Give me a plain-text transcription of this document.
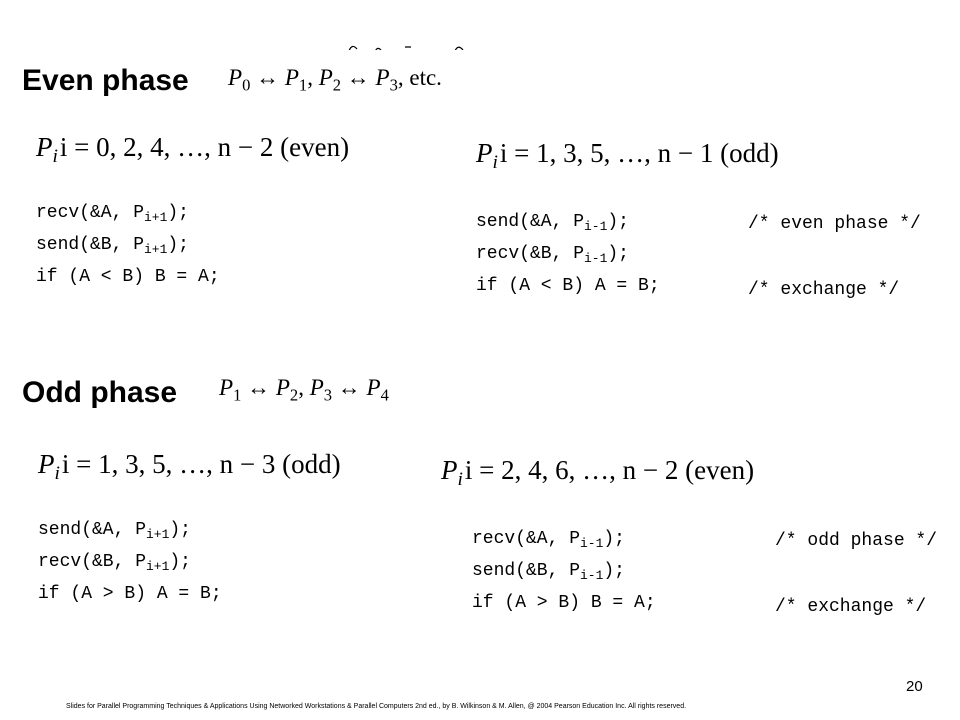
Even phase $P_0$ ↔ $P_1$, $P_2$ ↔ $P_3$, etc.
$P_ii = 0$, 2, 4, …, n − 2 (even)
recv(&A, $P_{i+1}$);
send(&B, $P_{i+1}$);
if (A < B) B = A;
$P_ii = 1$, 3, 5, …, n − 1 (odd)
send(&A, $P_{i-1}$);
recv(&B, $P_{i-1}$);
if (A < B) A = B;
/* even phase */
/* exchange */
Odd phase $P_1$ ↔ $P_2$, $P_3$ ↔ $P_4$
$P_ii = 1$, 3, 5, …, n − 3 (odd)
send(&A, $P_{i+1}$);
recv(&B, $P_{i+1}$);
if (A > B) A = B;
$P_ii = 2$, 4, 6, …, n − 2 (even)
recv(&A, $P_{i-1}$);
send(&B, $P_{i-1}$);
if (A > B) B = A;
/* odd phase */
/* exchange */
20
Slides for Parallel Programming Techniques & Applications Using Networked Workstations & Parallel Computers 2nd ed., by B. Wilkinson & M. Allen, @ 2004 Pearson Education Inc. All rights reserved.
